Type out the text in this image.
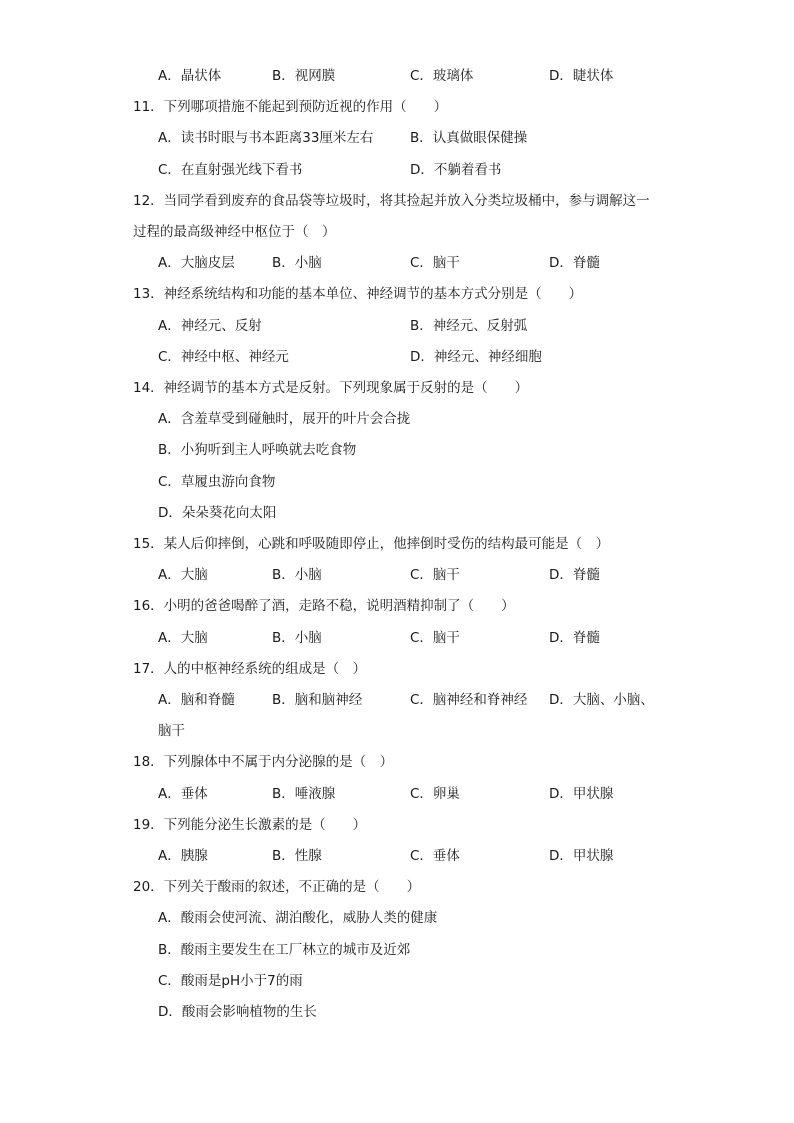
A．晶状体	B．视网膜	C．玻璃体	D．睫状体
11．下列哪项措施不能起到预防近视的作用（　　）
A．读书时眼与书本距离33厘米左右	B．认真做眼保健操
C．在直射强光线下看书	D．不躺着看书
12．当同学看到废弃的食品袋等垃圾时，将其捡起并放入分类垃圾桶中，参与调解这一
过程的最高级神经中枢位于（　）
A．大脑皮层	B．小脑	C．脑干	D．脊髓
13．神经系统结构和功能的基本单位、神经调节的基本方式分别是（　　）
A．神经元、反射	B．神经元、反射弧
C．神经中枢、神经元	D．神经元、神经细胞
14．神经调节的基本方式是反射。下列现象属于反射的是（　　）
A．含羞草受到碰触时，展开的叶片会合拢
B．小狗听到主人呼唤就去吃食物
C．草履虫游向食物
D．朵朵葵花向太阳
15．某人后仰摔倒，心跳和呼吸随即停止，他摔倒时受伤的结构最可能是（　）
A．大脑	B．小脑	C．脑干	D．脊髓
16．小明的爸爸喝醉了酒，走路不稳，说明酒精抑制了（　　）
A．大脑	B．小脑	C．脑干	D．脊髓
17．人的中枢神经系统的组成是（　）
A．脑和脊髓	B．脑和脑神经	C．脑神经和脊神经 D．大脑、小脑、
脑干
18．下列腺体中不属于内分泌腺的是（　）
A．垂体	B．唾液腺	C．卵巢	D．甲状腺
19．下列能分泌生长激素的是（　　）
A．胰腺	B．性腺	C．垂体	D．甲状腺
20．下列关于酸雨的叙述，不正确的是（　　）
A．酸雨会使河流、湖泊酸化，威胁人类的健康
B．酸雨主要发生在工厂林立的城市及近郊
C．酸雨是pH小于7的雨
D．酸雨会影响植物的生长
